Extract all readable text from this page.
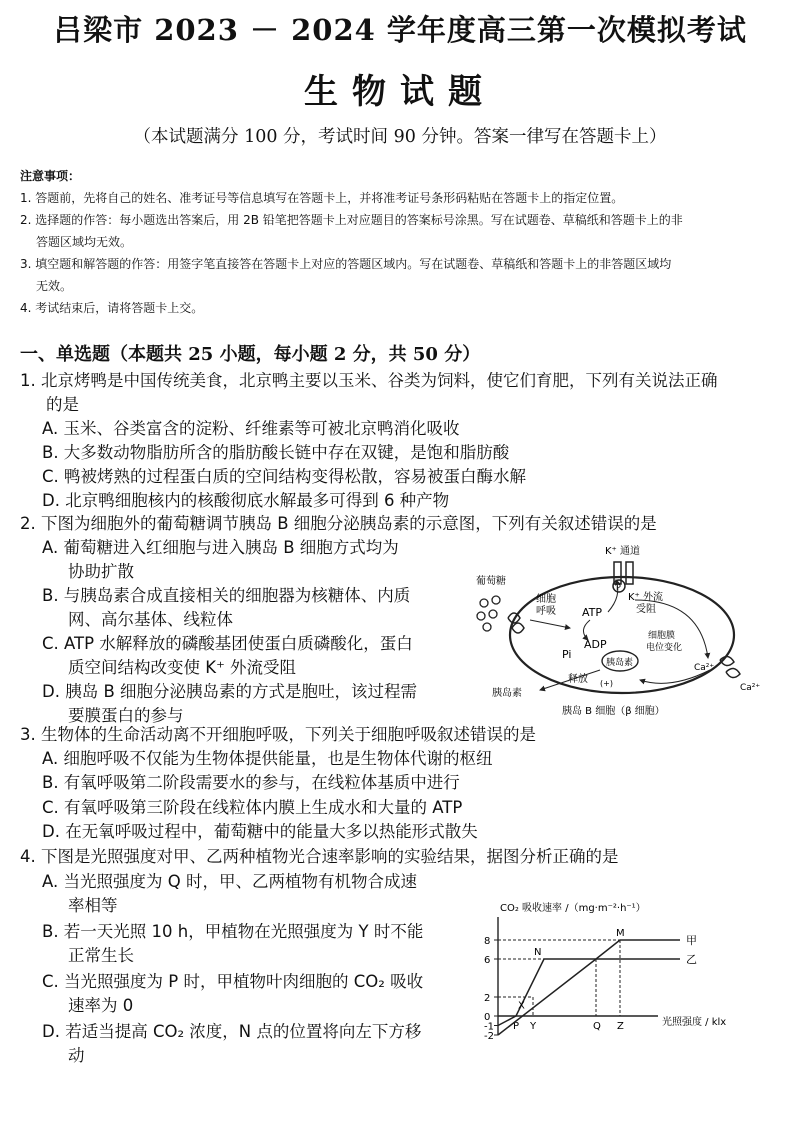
吕梁市 2023 － 2024 学年度高三第一次模拟考试
生物试题
（本试题满分 100 分，考试时间 90 分钟。答案一律写在答题卡上）
注意事项：
1. 答题前，先将自己的姓名、准考证号等信息填写在答题卡上，并将准考证号条形码粘贴在答题卡上的指定位置。
2. 选择题的作答：每小题选出答案后，用 2B 铅笔把答题卡上对应题目的答案标号涂黑。写在试题卷、草稿纸和答题卡上的非
答题区域均无效。
3. 填空题和解答题的作答：用签字笔直接答在答题卡上对应的答题区域内。写在试题卷、草稿纸和答题卡上的非答题区域均
无效。
4. 考试结束后，请将答题卡上交。
一、单选题（本题共 25 小题，每小题 2 分，共 50 分）
1. 北京烤鸭是中国传统美食，北京鸭主要以玉米、谷类为饲料，使它们育肥，下列有关说法正确
的是
A. 玉米、谷类富含的淀粉、纤维素等可被北京鸭消化吸收
B. 大多数动物脂肪所含的脂肪酸长链中存在双键，是饱和脂肪酸
C. 鸭被烤熟的过程蛋白质的空间结构变得松散，容易被蛋白酶水解
D. 北京鸭细胞核内的核酸彻底水解最多可得到 6 种产物
2. 下图为细胞外的葡萄糖调节胰岛 B 细胞分泌胰岛素的示意图，下列有关叙述错误的是
A. 葡萄糖进入红细胞与进入胰岛 B 细胞方式均为
协助扩散
B. 与胰岛素合成直接相关的细胞器为核糖体、内质
网、高尔基体、线粒体
C. ATP 水解释放的磷酸基团使蛋白质磷酸化，蛋白
质空间结构改变使 K⁺ 外流受阻
D. 胰岛 B 细胞分泌胰岛素的方式是胞吐，该过程需
要膜蛋白的参与
葡萄糖
P
K⁺ 通道
K⁺ 外流 受阻
细胞 呼吸 ATP
ADP
Pi
细胞膜 电位变化
Ca²⁺
Ca²⁺
胰岛素
释放 (+)
胰岛素
胰岛 B 细胞（β 细胞）
3. 生物体的生命活动离不开细胞呼吸，下列关于细胞呼吸叙述错误的是
A. 细胞呼吸不仅能为生物体提供能量，也是生物体代谢的枢纽
B. 有氧呼吸第二阶段需要水的参与，在线粒体基质中进行
C. 有氧呼吸第三阶段在线粒体内膜上生成水和大量的 ATP
D. 在无氧呼吸过程中，葡萄糖中的能量大多以热能形式散失
4. 下图是光照强度对甲、乙两种植物光合速率影响的实验结果，据图分析正确的是
A. 当光照强度为 Q 时，甲、乙两植物有机物合成速
率相等
B. 若一天光照 10 h，甲植物在光照强度为 Y 时不能
正常生长
C. 当光照强度为 P 时，甲植物叶肉细胞的 CO₂ 吸收
速率为 0
D. 若适当提高 CO₂ 浓度，N 点的位置将向左下方移
动
CO₂ 吸收速率 /（mg·m⁻²·h⁻¹）
光照强度 / klx
8
6
2
0
-1
-2
P Y	Q Z
甲
乙
M
N
X
